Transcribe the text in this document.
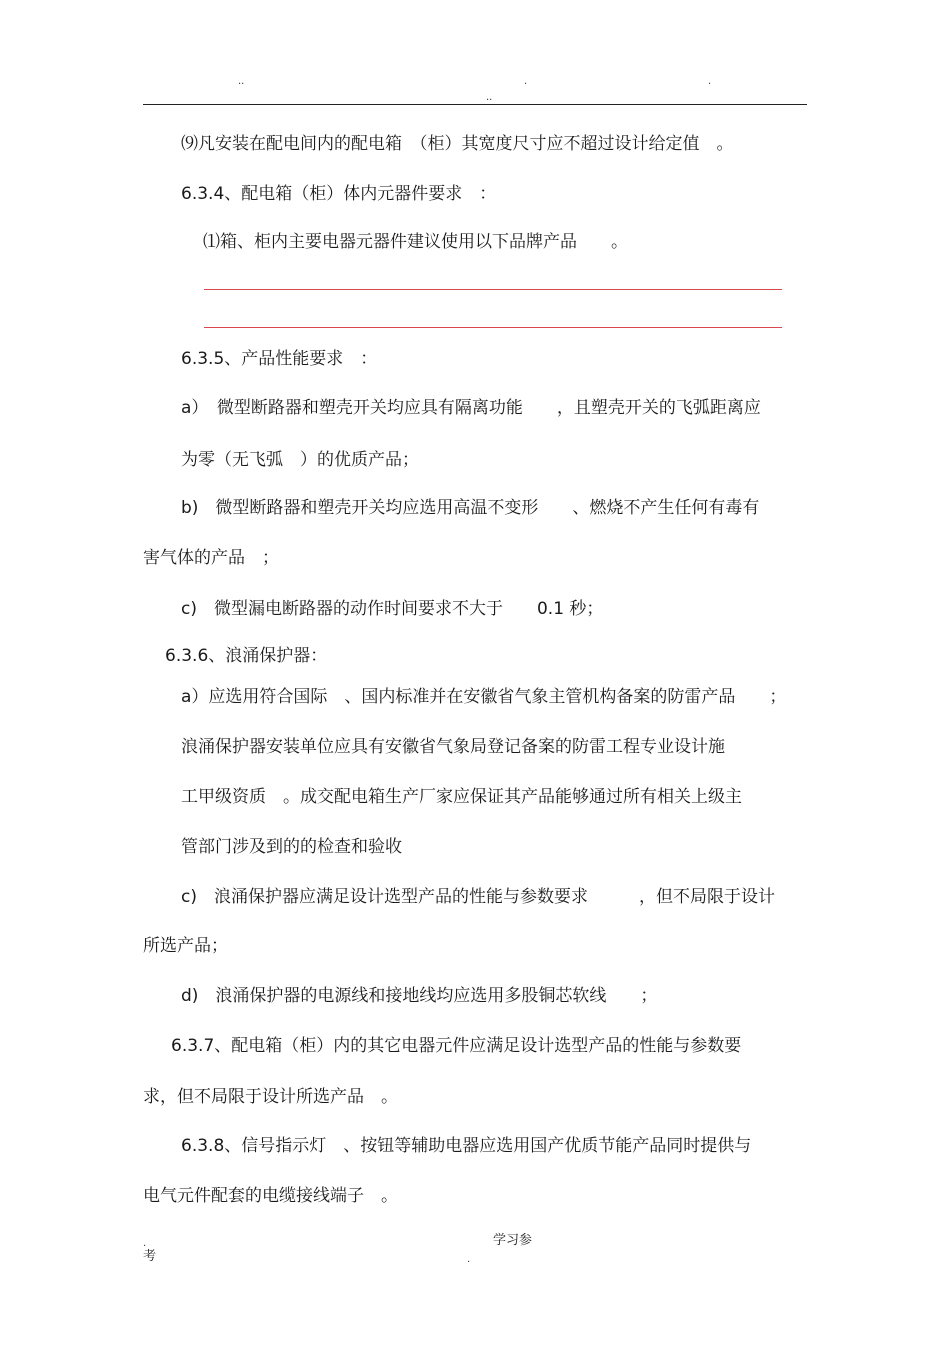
..	.	.
..
⑼凡安装在配电间内的配电箱　（柜）其宽度尺寸应不超过设计给定值　。
6.3.4、配电箱（柜）体内元器件要求　：
⑴箱、柜内主要电器元器件建议使用以下品牌产品　　。
6.3.5、产品性能要求　：
a）　微型断路器和塑壳开关均应具有隔离功能　　，且塑壳开关的飞弧距离应
为零（无飞弧　）的优质产品；
b)　微型断路器和塑壳开关均应选用高温不变形　　、燃烧不产生任何有毒有
害气体的产品　；
c)　微型漏电断路器的动作时间要求不大于　　0.1 秒；
6.3.6、浪涌保护器：
a）应选用符合国际　、国内标准并在安徽省气象主管机构备案的防雷产品　　；
浪涌保护器安装单位应具有安徽省气象局登记备案的防雷工程专业设计施
工甲级资质　。成交配电箱生产厂家应保证其产品能够通过所有相关上级主
管部门涉及到的的检查和验收
c)　浪涌保护器应满足设计选型产品的性能与参数要求　　　，但不局限于设计
所选产品；
d)　浪涌保护器的电源线和接地线均应选用多股铜芯软线　　；
6.3.7、配电箱（柜）内的其它电器元件应满足设计选型产品的性能与参数要
求，但不局限于设计所选产品　。
6.3.8、信号指示灯　、按钮等辅助电器应选用国产优质节能产品同时提供与
电气元件配套的电缆接线端子　。
.
考
学习参
.
